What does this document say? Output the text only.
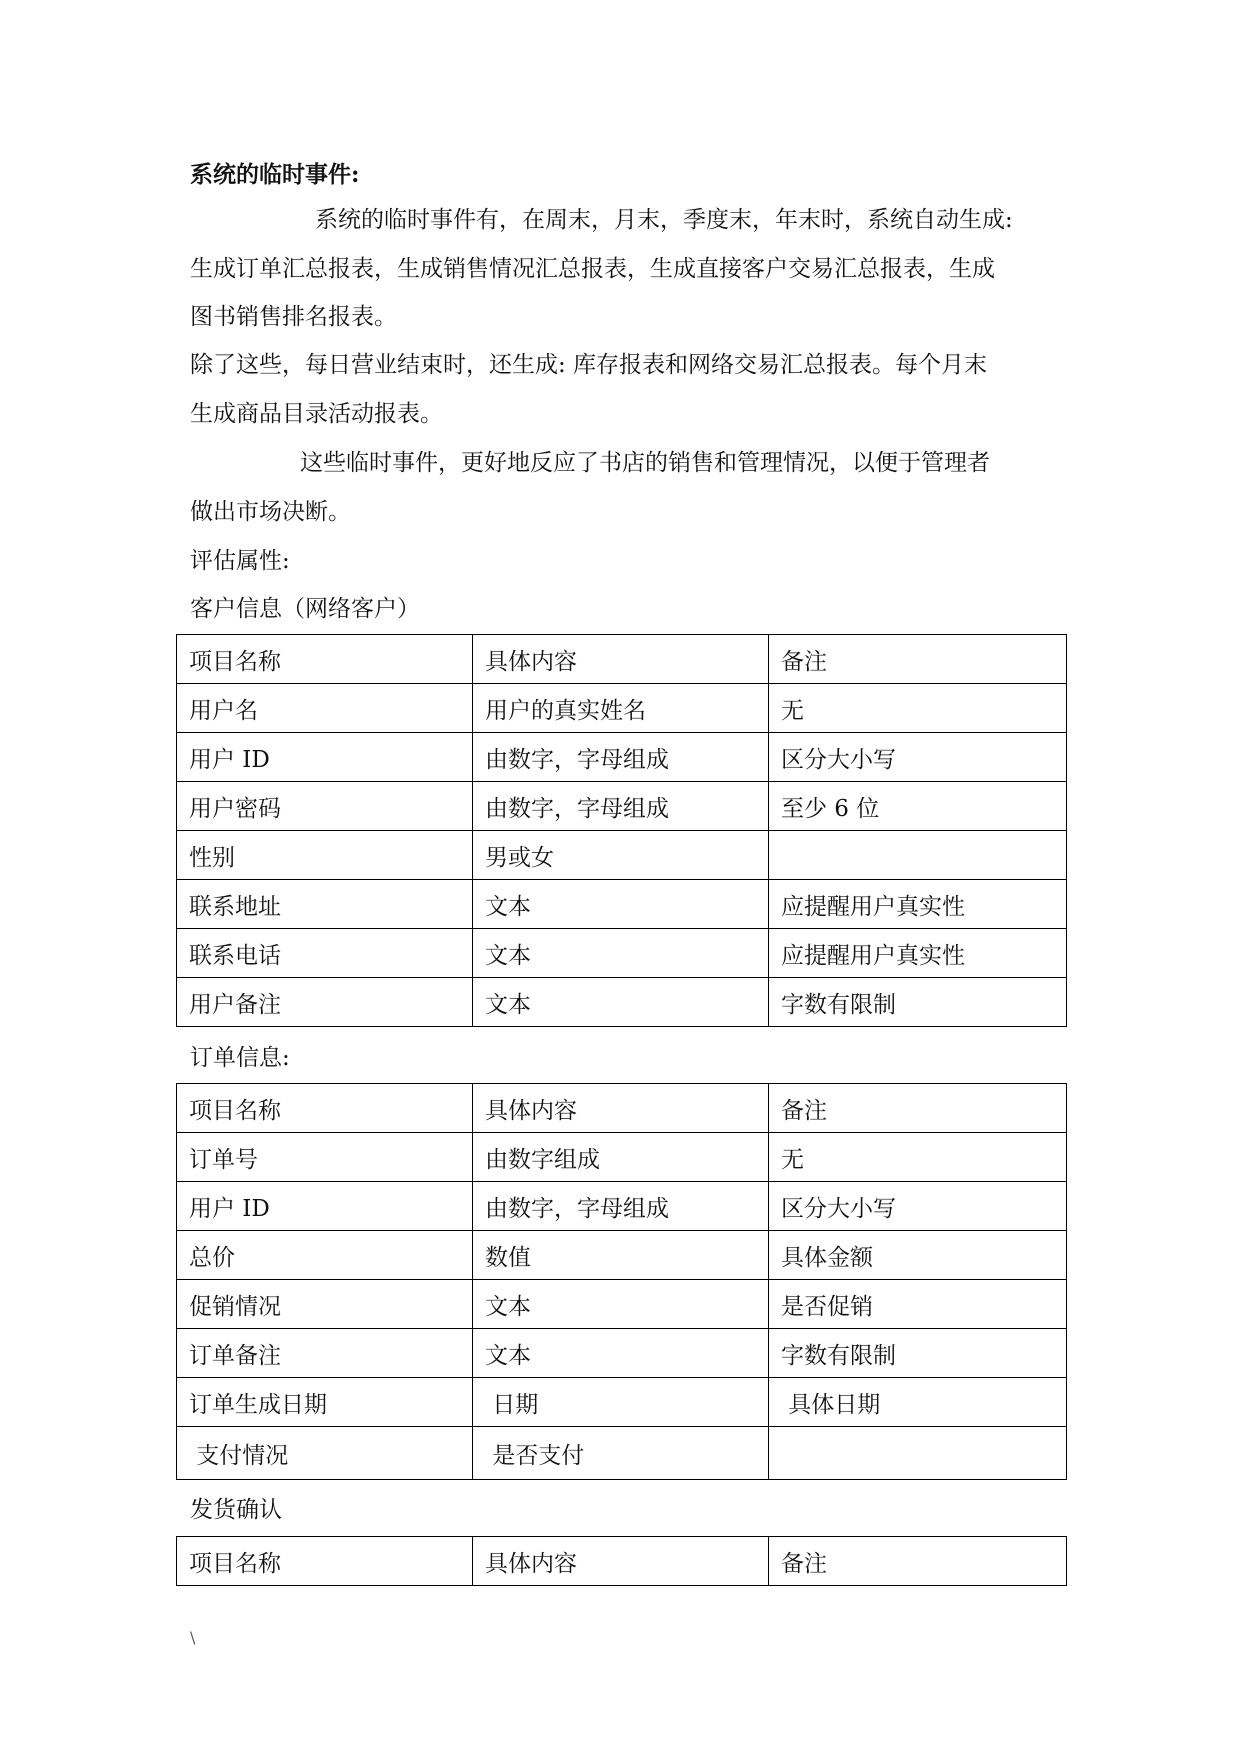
系统的临时事件:
系统的临时事件有，在周末，月末，季度末，年末时，系统自动生成:
生成订单汇总报表，生成销售情况汇总报表，生成直接客户交易汇总报表，生成
图书销售排名报表。
除了这些，每日营业结束时，还生成: 库存报表和网络交易汇总报表。每个月末
生成商品目录活动报表。
这些临时事件，更好地反应了书店的销售和管理情况，以便于管理者
做出市场决断。
评估属性:
客户信息（网络客户）
项目名称	具体内容	备注
用户名	用户的真实姓名	无
用户 ID	由数字，字母组成	区分大小写
用户密码	由数字，字母组成	至少 6 位
性别	男或女	
联系地址	文本	应提醒用户真实性
联系电话	文本	应提醒用户真实性
用户备注	文本	字数有限制
订单信息:
项目名称	具体内容	备注
订单号	由数字组成	无
用户 ID	由数字，字母组成	区分大小写
总价	数值	具体金额
促销情况	文本	是否促销
订单备注	文本	字数有限制
订单生成日期	日期	具体日期
支付情况	是否支付	
发货确认
项目名称	具体内容	备注
\
